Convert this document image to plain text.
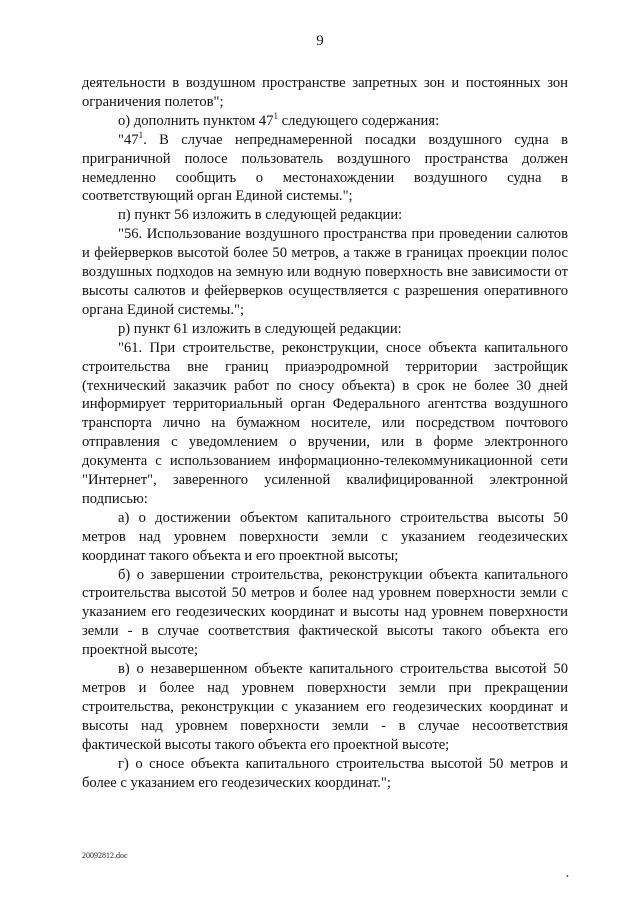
9

деятельности в воздушном пространстве запретных зон и постоянных зон ограничения полетов";

о) дополнить пунктом $47^1$ следующего содержания:

"$47^1$. В случае непреднамеренной посадки воздушного судна в приграничной полосе пользователь воздушного пространства должен немедленно сообщить о местонахождении воздушного судна в соответствующий орган Единой системы.";

п) пункт 56 изложить в следующей редакции:

"56. Использование воздушного пространства при проведении салютов и фейерверков высотой более 50 метров, а также в границах проекции полос воздушных подходов на земную или водную поверхность вне зависимости от высоты салютов и фейерверков осуществляется с разрешения оперативного органа Единой системы.";

р) пункт 61 изложить в следующей редакции:

"61. При строительстве, реконструкции, сносе объекта капитального строительства вне границ приаэродромной территории застройщик (технический заказчик работ по сносу объекта) в срок не более 30 дней информирует территориальный орган Федерального агентства воздушного транспорта лично на бумажном носителе, или посредством почтового отправления с уведомлением о вручении, или в форме электронного документа с использованием информационно-телекоммуникационной сети "Интернет", заверенного усиленной квалифицированной электронной подписью:

а) о достижении объектом капитального строительства высоты 50 метров над уровнем поверхности земли с указанием геодезических координат такого объекта и его проектной высоты;

б) о завершении строительства, реконструкции объекта капитального строительства высотой 50 метров и более над уровнем поверхности земли с указанием его геодезических координат и высоты над уровнем поверхности земли - в случае соответствия фактической высоты такого объекта его проектной высоте;

в) о незавершенном объекте капитального строительства высотой 50 метров и более над уровнем поверхности земли при прекращении строительства, реконструкции с указанием его геодезических координат и высоты над уровнем поверхности земли - в случае несоответствия фактической высоты такого объекта его проектной высоте;

г) о сносе объекта капитального строительства высотой 50 метров и более с указанием его геодезических координат.";

20092812.doc
•
